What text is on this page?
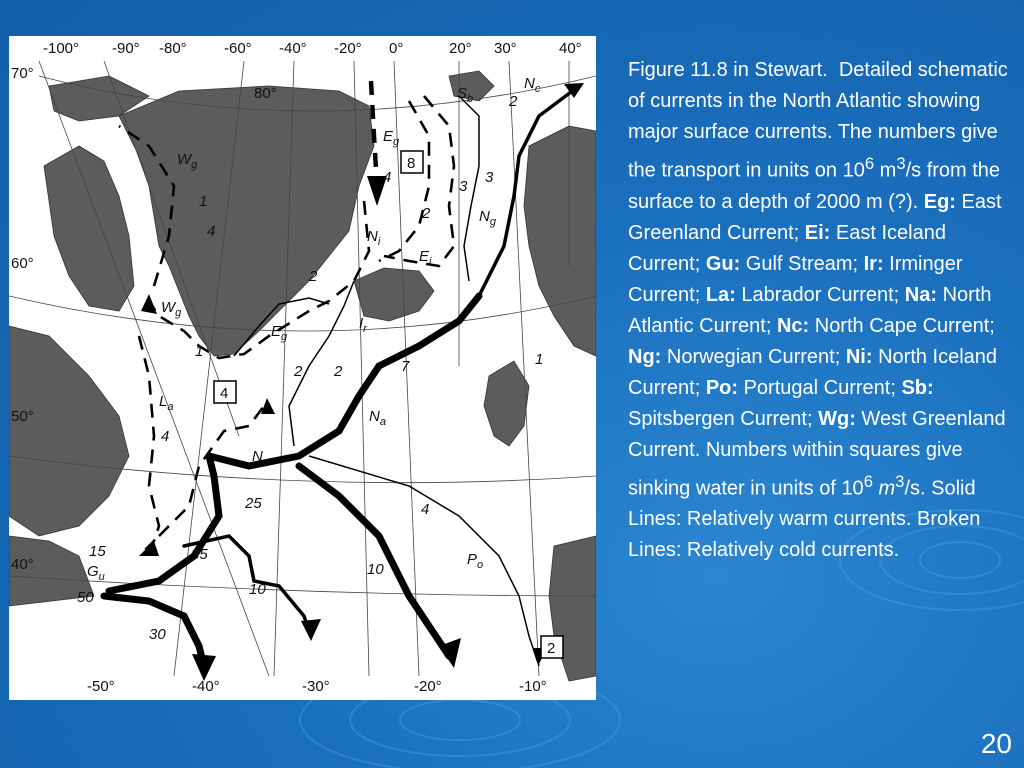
8
4
2
-100° -90° -80° -60° -40° -20° 0°	20° 30°	40°
-50°	-40°	-30°	-20°	-10°
70°
60°
50°
40°
80°
$W_g$
$W_g$
$E_g$
$E_g$
$E_i$
$G_u$
$I_r$
$L_a$
$N_a$
$N_a$
$N_c$
$N_g$
$N_i$
$P_o$
$S_b$
1
1
2
2 2
2
3
3
4
4
7	1
25
35
10
10
4
15
50
30
2
4
Figure 11.8 in Stewart.  Detailed schematic of currents in the North Atlantic showing major surface currents. The numbers give the transport in units on $10^6$ $m^3/s$ from the surface to a depth of 2000 m (?). Eg: East Greenland Current; Ei: East Iceland Current; Gu: Gulf Stream; Ir: Irminger Current; La: Labrador Current; Na: North Atlantic Current; Nc: North Cape Current; Ng: Norwegian Current; Ni: North Iceland Current; Po: Portugal Current; Sb: Spitsbergen Current; Wg: West Greenland Current. Numbers within squares give sinking water in units of $10^6$ $m^3/s$. Solid Lines: Relatively warm currents. Broken Lines: Relatively cold currents.
20
